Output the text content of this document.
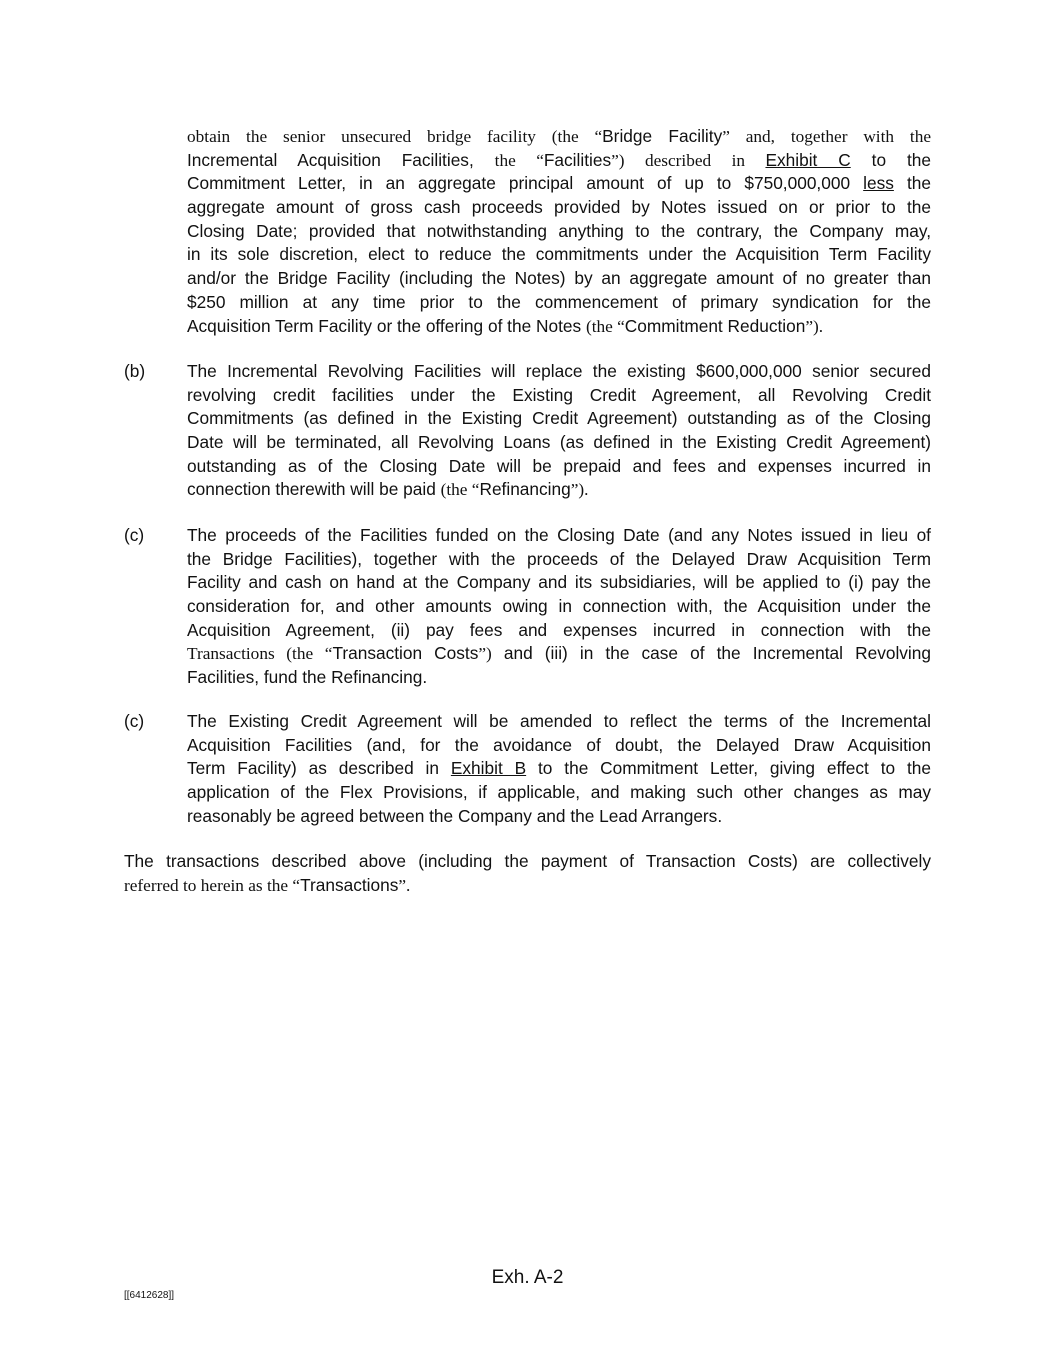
obtain the senior unsecured bridge facility (the “Bridge Facility” and, together with the
Incremental Acquisition Facilities, the “Facilities”) described in Exhibit C to the
Commitment Letter, in an aggregate principal amount of up to $750,000,000 less the
aggregate amount of gross cash proceeds provided by Notes issued on or prior to the
Closing Date; provided that notwithstanding anything to the contrary, the Company may,
in its sole discretion, elect to reduce the commitments under the Acquisition Term Facility
and/or the Bridge Facility (including the Notes) by an aggregate amount of no greater than
$250 million at any time prior to the commencement of primary syndication for the
Acquisition Term Facility or the offering of the Notes (the “Commitment Reduction”).
(b) The Incremental Revolving Facilities will replace the existing $600,000,000 senior secured
revolving credit facilities under the Existing Credit Agreement, all Revolving Credit
Commitments (as defined in the Existing Credit Agreement) outstanding as of the Closing
Date will be terminated, all Revolving Loans (as defined in the Existing Credit Agreement)
outstanding as of the Closing Date will be prepaid and fees and expenses incurred in
connection therewith will be paid (the “Refinancing”).
(c) The proceeds of the Facilities funded on the Closing Date (and any Notes issued in lieu of
the Bridge Facilities), together with the proceeds of the Delayed Draw Acquisition Term
Facility and cash on hand at the Company and its subsidiaries, will be applied to (i) pay the
consideration for, and other amounts owing in connection with, the Acquisition under the
Acquisition Agreement, (ii) pay fees and expenses incurred in connection with the
Transactions (the “Transaction Costs”) and (iii) in the case of the Incremental Revolving
Facilities, fund the Refinancing.
(c) The Existing Credit Agreement will be amended to reflect the terms of the Incremental
Acquisition Facilities (and, for the avoidance of doubt, the Delayed Draw Acquisition
Term Facility) as described in Exhibit B to the Commitment Letter, giving effect to the
application of the Flex Provisions, if applicable, and making such other changes as may
reasonably be agreed between the Company and the Lead Arrangers.
The transactions described above (including the payment of Transaction Costs) are collectively
referred to herein as the “Transactions”.
Exh. A-2
[[6412628]]
